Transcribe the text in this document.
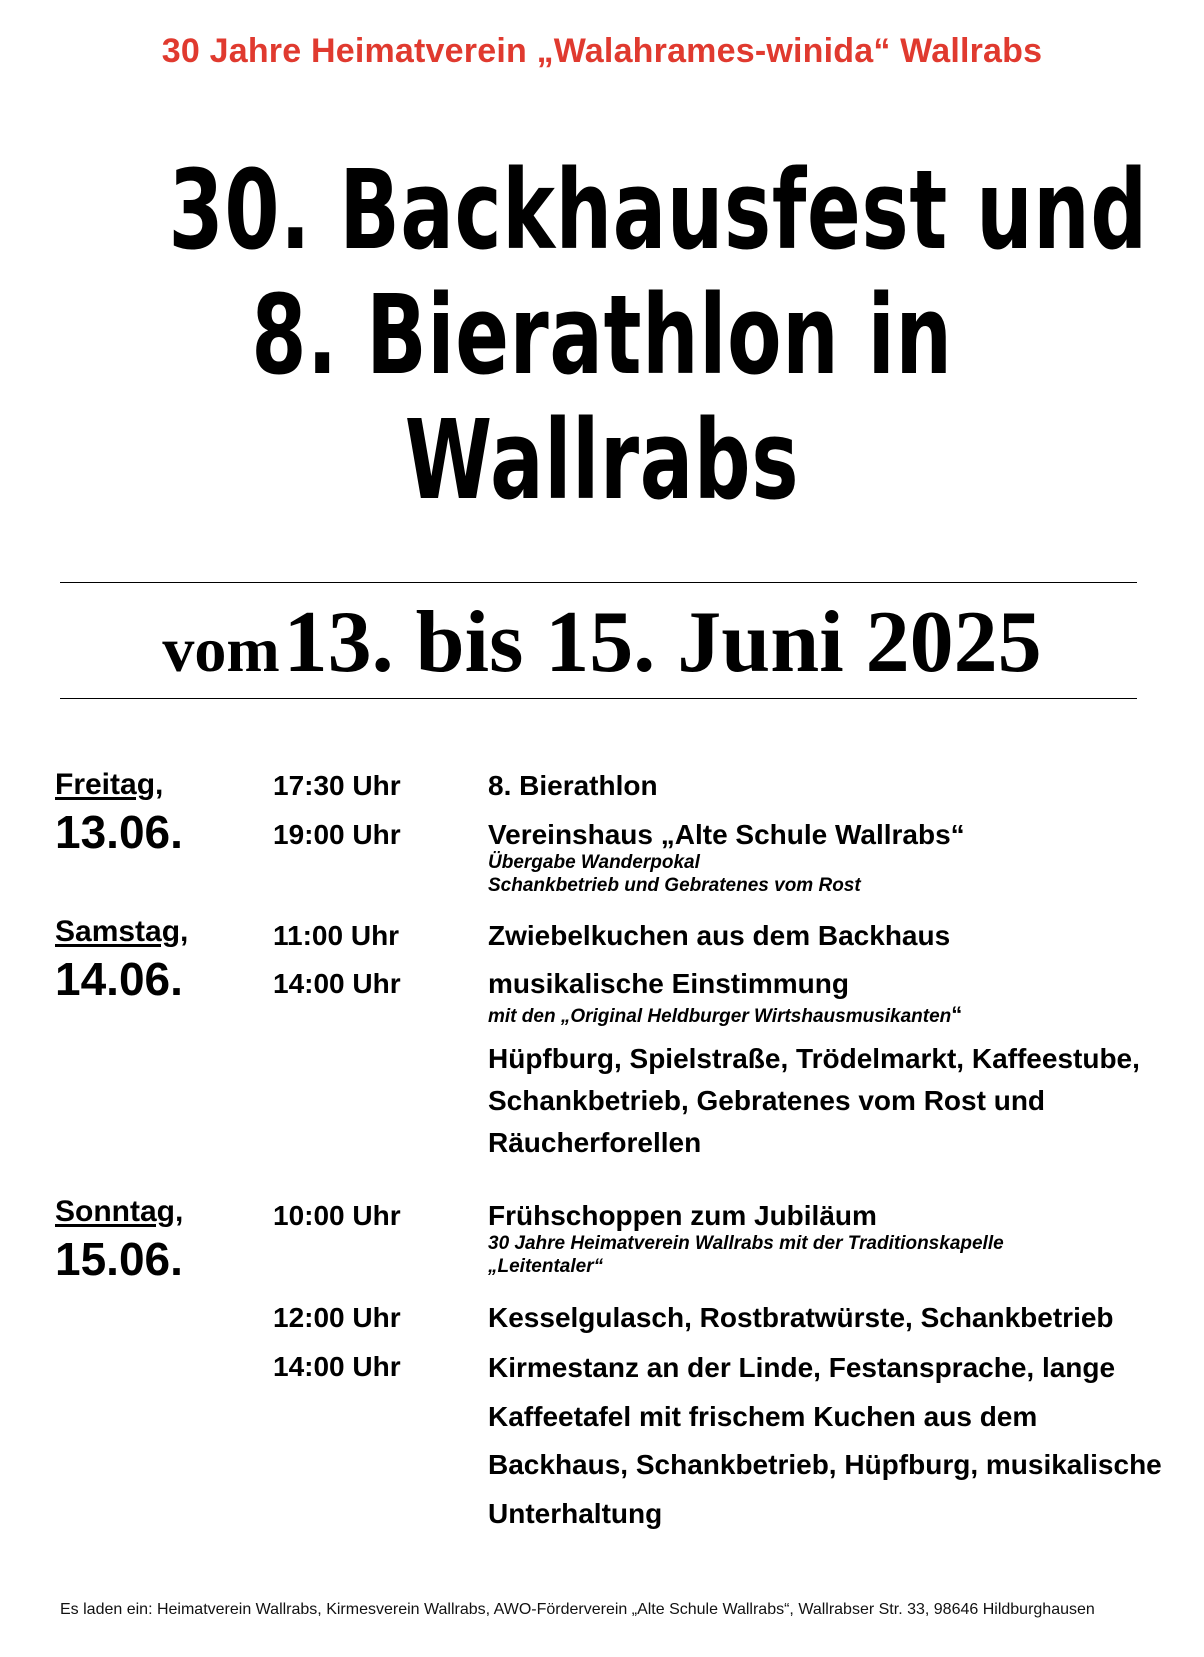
30 Jahre Heimatverein „Walahrames-winida“ Wallrabs
30. Backhausfest und
8. Bierathlon in
Wallrabs
vom 13. bis 15. Juni 2025
Freitag,
13.06.
17:30 Uhr	8. Bierathlon
19:00 Uhr	Vereinshaus „Alte Schule Wallrabs“
Übergabe Wanderpokal
Schankbetrieb und Gebratenes vom Rost
Samstag,
14.06.
11:00 Uhr	Zwiebelkuchen aus dem Backhaus
14:00 Uhr	musikalische Einstimmung
mit den „Original Heldburger Wirtshausmusikanten“
Hüpfburg, Spielstraße, Trödelmarkt, Kaffeestube, Schankbetrieb, Gebratenes vom Rost und Räucherforellen
Sonntag,
15.06.
10:00 Uhr	Frühschoppen zum Jubiläum
30 Jahre Heimatverein Wallrabs mit der Traditionskapelle
„Leitentaler“
12:00 Uhr	Kesselgulasch, Rostbratwürste, Schankbetrieb
14:00 Uhr	Kirmestanz an der Linde, Festansprache, lange Kaffeetafel mit frischem Kuchen aus dem Backhaus, Schankbetrieb, Hüpfburg, musikalische Unterhaltung
Es laden ein: Heimatverein Wallrabs, Kirmesverein Wallrabs, AWO-Förderverein „Alte Schule Wallrabs“, Wallrabser Str. 33, 98646 Hildburghausen
